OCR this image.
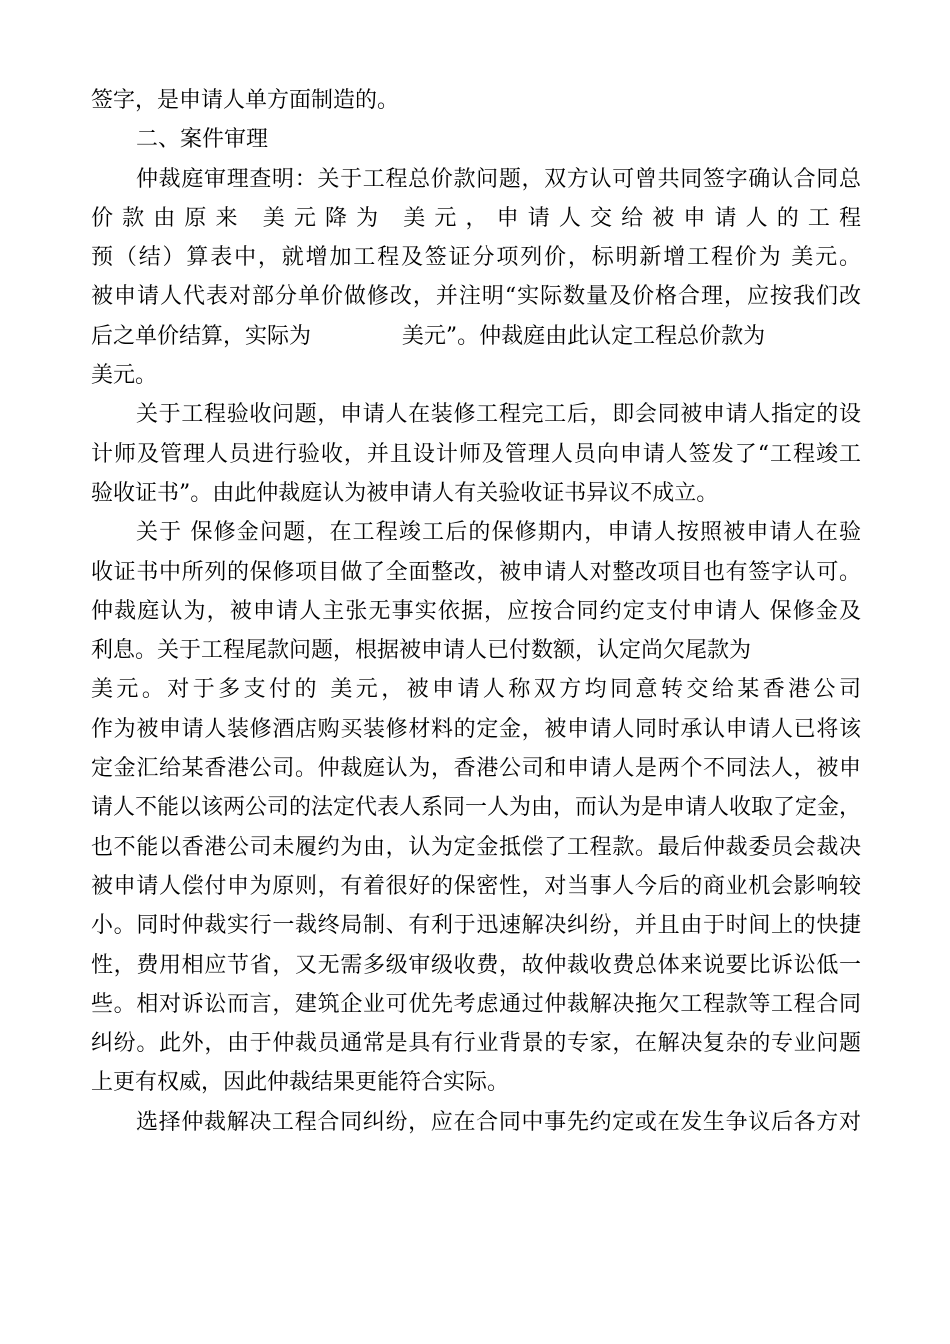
签字，是申请人单方面制造的。
二、案件审理
仲裁庭审理查明：关于工程总价款问题，双方认可曾共同签字确认合同总
价款由原来 美元降为 美元，申请人交给被申请人的工程
预（结）算表中，就增加工程及签证分项列价，标明新增工程价为 美元。
被申请人代表对部分单价做修改，并注明“实际数量及价格合理，应按我们改
后之单价结算，实际为             美元”。仲裁庭由此认定工程总价款为
美元。
关于工程验收问题，申请人在装修工程完工后，即会同被申请人指定的设
计师及管理人员进行验收，并且设计师及管理人员向申请人签发了“工程竣工
验收证书”。由此仲裁庭认为被申请人有关验收证书异议不成立。
关于 保修金问题，在工程竣工后的保修期内，申请人按照被申请人在验
收证书中所列的保修项目做了全面整改，被申请人对整改项目也有签字认可。
仲裁庭认为，被申请人主张无事实依据，应按合同约定支付申请人 保修金及
利息。关于工程尾款问题，根据被申请人已付数额，认定尚欠尾款为
美元。对于多支付的 美元，被申请人称双方均同意转交给某香港公司
作为被申请人装修酒店购买装修材料的定金，被申请人同时承认申请人已将该
定金汇给某香港公司。仲裁庭认为，香港公司和申请人是两个不同法人，被申
请人不能以该两公司的法定代表人系同一人为由，而认为是申请人收取了定金，
也不能以香港公司未履约为由，认为定金抵偿了工程款。最后仲裁委员会裁决
被申请人偿付申为原则，有着很好的保密性，对当事人今后的商业机会影响较
小。同时仲裁实行一裁终局制、有利于迅速解决纠纷，并且由于时间上的快捷
性，费用相应节省，又无需多级审级收费，故仲裁收费总体来说要比诉讼低一
些。相对诉讼而言，建筑企业可优先考虑通过仲裁解决拖欠工程款等工程合同
纠纷。此外，由于仲裁员通常是具有行业背景的专家，在解决复杂的专业问题
上更有权威，因此仲裁结果更能符合实际。
选择仲裁解决工程合同纠纷，应在合同中事先约定或在发生争议后各方对
